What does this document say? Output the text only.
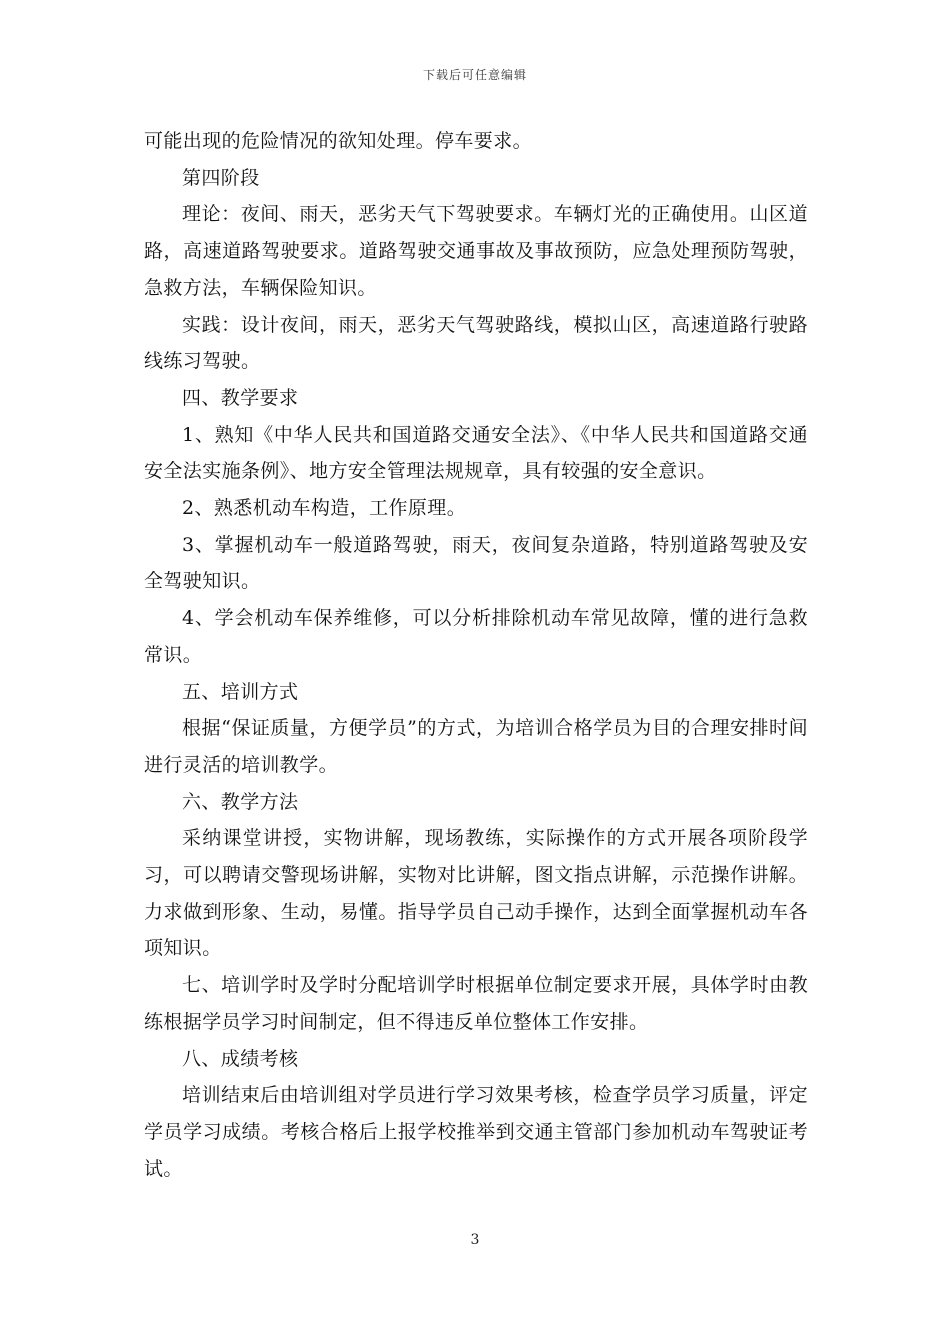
下载后可任意编辑

可能出现的危险情况的欲知处理。停车要求。

第四阶段

理论：夜间、雨天，恶劣天气下驾驶要求。车辆灯光的正确使用。山区道路，高速道路驾驶要求。道路驾驶交通事故及事故预防，应急处理预防驾驶，急救方法，车辆保险知识。

实践：设计夜间，雨天，恶劣天气驾驶路线，模拟山区，高速道路行驶路线练习驾驶。

四、教学要求

1、熟知《中华人民共和国道路交通安全法》、《中华人民共和国道路交通安全法实施条例》、地方安全管理法规规章，具有较强的安全意识。

2、熟悉机动车构造，工作原理。

3、掌握机动车一般道路驾驶，雨天，夜间复杂道路，特别道路驾驶及安全驾驶知识。

4、学会机动车保养维修，可以分析排除机动车常见故障，懂的进行急救常识。

五、培训方式

根据“保证质量，方便学员”的方式，为培训合格学员为目的合理安排时间进行灵活的培训教学。

六、教学方法

采纳课堂讲授，实物讲解，现场教练，实际操作的方式开展各项阶段学习，可以聘请交警现场讲解，实物对比讲解，图文指点讲解，示范操作讲解。力求做到形象、生动，易懂。指导学员自己动手操作，达到全面掌握机动车各项知识。

七、培训学时及学时分配培训学时根据单位制定要求开展，具体学时由教练根据学员学习时间制定，但不得违反单位整体工作安排。

八、成绩考核

培训结束后由培训组对学员进行学习效果考核，检查学员学习质量，评定学员学习成绩。考核合格后上报学校推举到交通主管部门参加机动车驾驶证考试。

3
